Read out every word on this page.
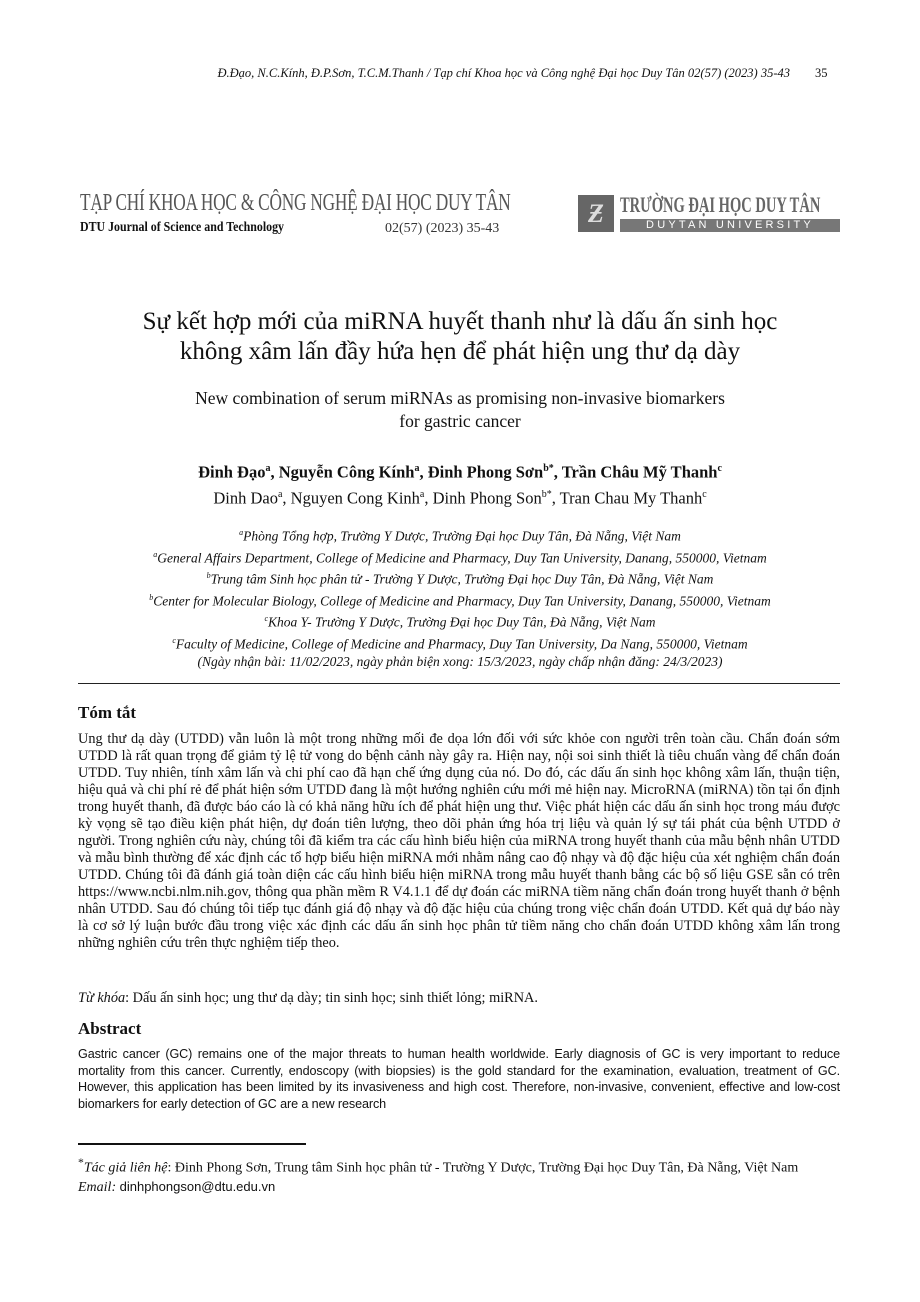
Đ.Đạo, N.C.Kính, Đ.P.Sơn, T.C.M.Thanh / Tạp chí Khoa học và Công nghệ Đại học Duy Tân 02(57) (2023) 35-43 35
TẠP CHÍ KHOA HỌC & CÔNG NGHỆ ĐẠI HỌC DUY TÂN
DTU Journal of Science and Technology	02(57) (2023) 35-43
Ƶ TRƯỜNG ĐẠI HỌC DUY TÂN
DUYTAN UNIVERSITY
Sự kết hợp mới của miRNA huyết thanh như là dấu ấn sinh học
không xâm lấn đầy hứa hẹn để phát hiện ung thư dạ dày
New combination of serum miRNAs as promising non-invasive biomarkers
for gastric cancer
Đinh Đạo$^a$, Nguyễn Công Kính$^a$, Đinh Phong Sơn$^{b*}$, Trần Châu Mỹ Thanh$^c$
Dinh Dao$^a$, Nguyen Cong Kinh$^a$, Dinh Phong Son$^{b*}$, Tran Chau My Thanh$^c$
$^a$Phòng Tổng hợp, Trường Y Dược, Trường Đại học Duy Tân, Đà Nẵng, Việt Nam
$^a$General Affairs Department, College of Medicine and Pharmacy, Duy Tan University, Danang, 550000, Vietnam
$^b$Trung tâm Sinh học phân tử - Trường Y Dược, Trường Đại học Duy Tân, Đà Nẵng, Việt Nam
$^b$Center for Molecular Biology, College of Medicine and Pharmacy, Duy Tan University, Danang, 550000, Vietnam
$^c$Khoa Y- Trường Y Dược, Trường Đại học Duy Tân, Đà Nẵng, Việt Nam
$^c$Faculty of Medicine, College of Medicine and Pharmacy, Duy Tan University, Da Nang, 550000, Vietnam
(Ngày nhận bài: 11/02/2023, ngày phản biện xong: 15/3/2023, ngày chấp nhận đăng: 24/3/2023)
Tóm tắt
Ung thư dạ dày (UTDD) vẫn luôn là một trong những mối đe dọa lớn đối với sức khỏe con người trên toàn cầu. Chẩn đoán sớm UTDD là rất quan trọng để giảm tỷ lệ tử vong do bệnh cảnh này gây ra. Hiện nay, nội soi sinh thiết là tiêu chuẩn vàng để chẩn đoán UTDD. Tuy nhiên, tính xâm lấn và chi phí cao đã hạn chế ứng dụng của nó. Do đó, các dấu ấn sinh học không xâm lấn, thuận tiện, hiệu quả và chi phí rẻ để phát hiện sớm UTDD đang là một hướng nghiên cứu mới mẻ hiện nay. MicroRNA (miRNA) tồn tại ổn định trong huyết thanh, đã được báo cáo là có khả năng hữu ích để phát hiện ung thư. Việc phát hiện các dấu ấn sinh học trong máu được kỳ vọng sẽ tạo điều kiện phát hiện, dự đoán tiên lượng, theo dõi phản ứng hóa trị liệu và quản lý sự tái phát của bệnh UTDD ở người. Trong nghiên cứu này, chúng tôi đã kiểm tra các cấu hình biểu hiện của miRNA trong huyết thanh của mẫu bệnh nhân UTDD và mẫu bình thường để xác định các tổ hợp biểu hiện miRNA mới nhằm nâng cao độ nhạy và độ đặc hiệu của xét nghiệm chẩn đoán UTDD. Chúng tôi đã đánh giá toàn diện các cấu hình biểu hiện miRNA trong mẫu huyết thanh bằng các bộ số liệu GSE sẵn có trên https://www.ncbi.nlm.nih.gov, thông qua phần mềm R V4.1.1 để dự đoán các miRNA tiềm năng chẩn đoán trong huyết thanh ở bệnh nhân UTDD. Sau đó chúng tôi tiếp tục đánh giá độ nhạy và độ đặc hiệu của chúng trong việc chẩn đoán UTDD. Kết quả dự báo này là cơ sở lý luận bước đầu trong việc xác định các dấu ấn sinh học phân tử tiềm năng cho chẩn đoán UTDD không xâm lấn trong những nghiên cứu trên thực nghiệm tiếp theo.
Từ khóa: Dấu ấn sinh học; ung thư dạ dày; tin sinh học; sinh thiết lỏng; miRNA.
Abstract
Gastric cancer (GC) remains one of the major threats to human health worldwide. Early diagnosis of GC is very important to reduce mortality from this cancer. Currently, endoscopy (with biopsies) is the gold standard for the examination, evaluation, treatment of GC. However, this application has been limited by its invasiveness and high cost. Therefore, non-invasive, convenient, effective and low-cost biomarkers for early detection of GC are a new research
*Tác giả liên hệ: Đinh Phong Sơn, Trung tâm Sinh học phân tử - Trường Y Dược, Trường Đại học Duy Tân, Đà Nẵng, Việt Nam
Email: dinhphongson@dtu.edu.vn
